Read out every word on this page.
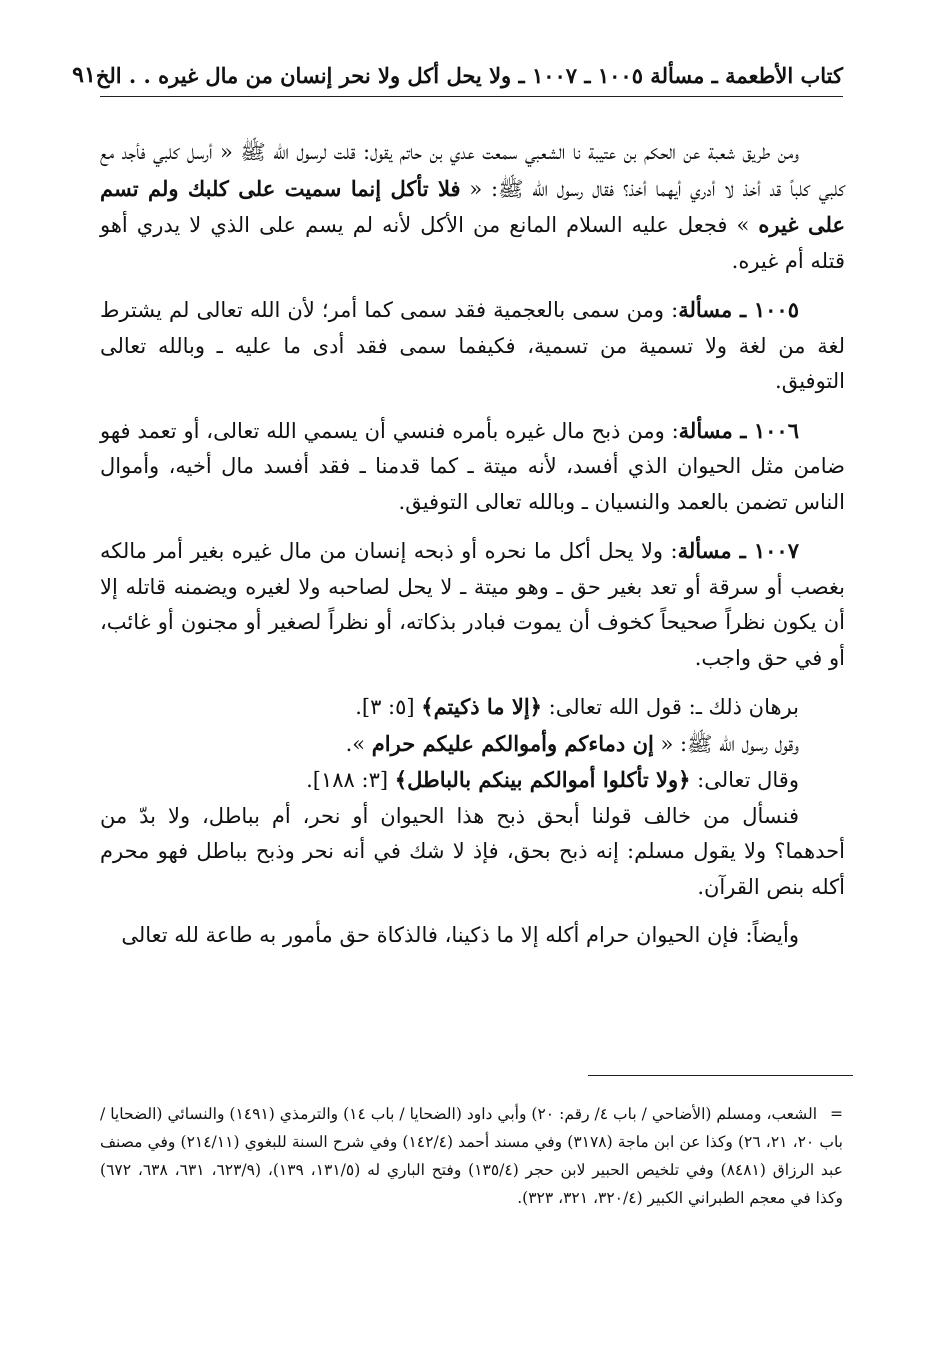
كتاب الأطعمة ـ مسألة ١٠٠٥ ـ ١٠٠٧ ـ ولا يحل أكل ولا نحر إنسان من مال غيره . . الخ
٩١

ومن طريق شعبة عن الحكم بن عتيبة نا الشعبي سمعت عدي بن حاتم يقول: قلت لرسول الله ﷺ « أرسل كلبي فأجد مع كلبي كلباً قد أخذ لا أدري أيهما أخذ؟ فقال رسول الله ﷺ: « فلا تأكل إنما سميت على كلبك ولم تسم على غيره » فجعل عليه السلام المانع من الأكل لأنه لم يسم على الذي لا يدري أهو قتله أم غيره.

١٠٠٥ ـ مسألة: ومن سمى بالعجمية فقد سمى كما أمر؛ لأن الله تعالى لم يشترط لغة من لغة ولا تسمية من تسمية، فكيفما سمى فقد أدى ما عليه ـ وبالله تعالى التوفيق.

١٠٠٦ ـ مسألة: ومن ذبح مال غيره بأمره فنسي أن يسمي الله تعالى، أو تعمد فهو ضامن مثل الحيوان الذي أفسد، لأنه ميتة ـ كما قدمنا ـ فقد أفسد مال أخيه، وأموال الناس تضمن بالعمد والنسيان ـ وبالله تعالى التوفيق.

١٠٠٧ ـ مسألة: ولا يحل أكل ما نحره أو ذبحه إنسان من مال غيره بغير أمر مالكه بغصب أو سرقة أو تعد بغير حق ـ وهو ميتة ـ لا يحل لصاحبه ولا لغيره ويضمنه قاتله إلا أن يكون نظراً صحيحاً كخوف أن يموت فبادر بذكاته، أو نظراً لصغير أو مجنون أو غائب، أو في حق واجب.

برهان ذلك ـ: قول الله تعالى: ﴿إلا ما ذكيتم﴾ [٥: ٣].

وقول رسول الله ﷺ: « إن دماءكم وأموالكم عليكم حرام ».

وقال تعالى: ﴿ولا تأكلوا أموالكم بينكم بالباطل﴾ [٣: ١٨٨].

فنسأل من خالف قولنا أبحق ذبح هذا الحيوان أو نحر، أم بباطل، ولا بدّ من أحدهما؟ ولا يقول مسلم: إنه ذبح بحق، فإذ لا شك في أنه نحر وذبح بباطل فهو محرم أكله بنص القرآن.

وأيضاً: فإن الحيوان حرام أكله إلا ما ذكينا، فالذكاة حق مأمور به طاعة لله تعالى

=الشعب، ومسلم (الأضاحي / باب ٤/ رقم: ٢٠) وأبي داود (الضحايا / باب ١٤) والترمذي (١٤٩١) والنسائي (الضحايا / باب ٢٠، ٢١، ٢٦) وكذا عن ابن ماجة (٣١٧٨) وفي مسند أحمد (١٤٢/٤) وفي شرح السنة للبغوي (٢١٤/١١) وفي مصنف عبد الرزاق (٨٤٨١) وفي تلخيص الحبير لابن حجر (١٣٥/٤) وفتح الباري له (١٣١/٥، ١٣٩)، (٦٢٣/٩، ٦٣١، ٦٣٨، ٦٧٢) وكذا في معجم الطبراني الكبير (٣٢٠/٤، ٣٢١، ٣٢٣).
